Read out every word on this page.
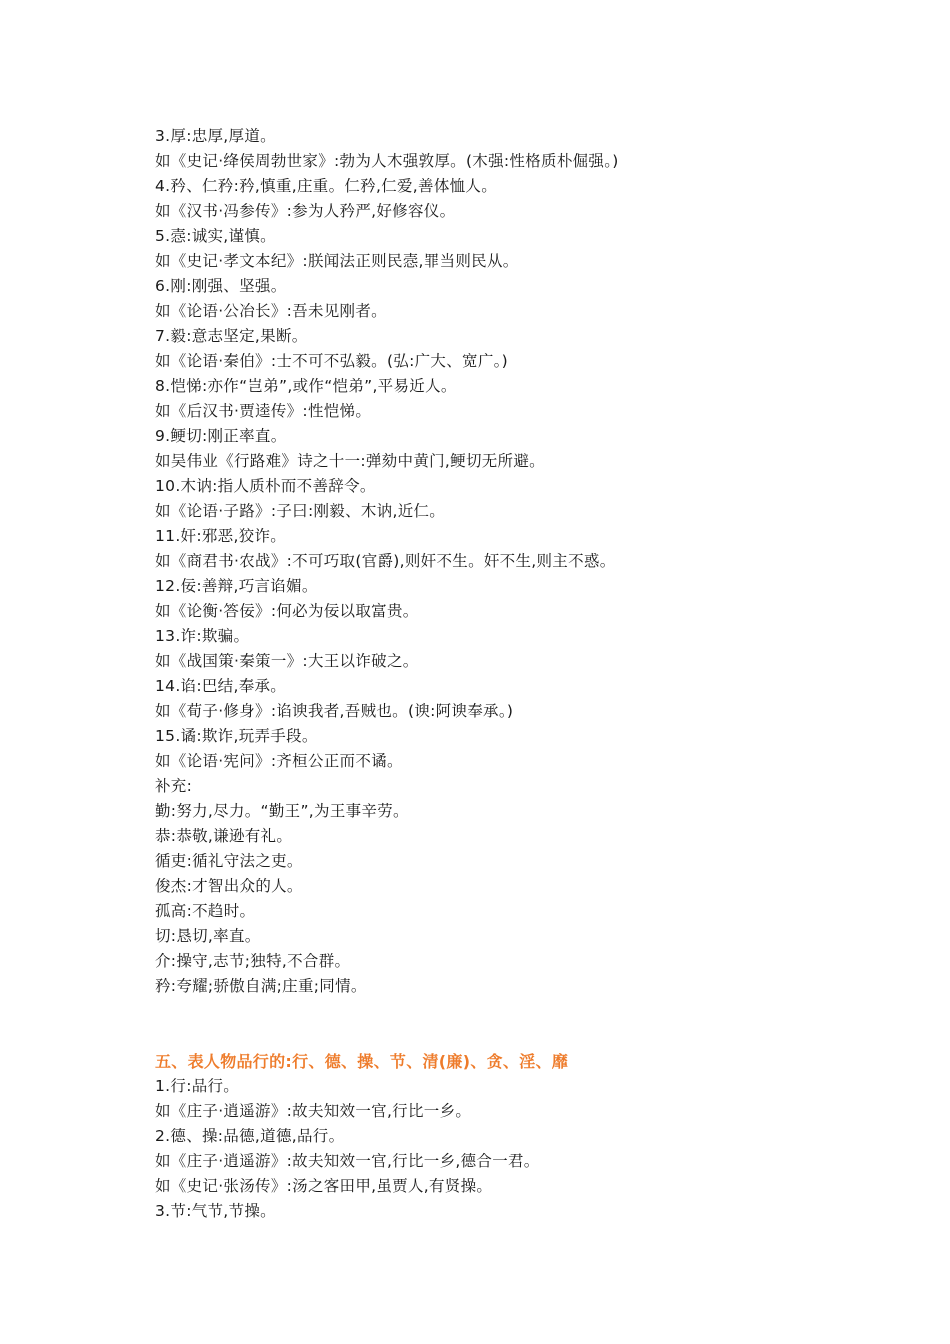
3.厚:忠厚,厚道。
如《史记·绛侯周勃世家》:勃为人木强敦厚。(木强:性格质朴倔强。)
4.矜、仁矜:矜,慎重,庄重。仁矜,仁爱,善体恤人。
如《汉书·冯参传》:参为人矜严,好修容仪。
5.悫:诚实,谨慎。
如《史记·孝文本纪》:朕闻法正则民悫,罪当则民从。
6.刚:刚强、坚强。
如《论语·公冶长》:吾未见刚者。
7.毅:意志坚定,果断。
如《论语·秦伯》:士不可不弘毅。(弘:广大、宽广。)
8.恺悌:亦作“岂弟”,或作“恺弟”,平易近人。
如《后汉书·贾逵传》:性恺悌。
9.鲠切:刚正率直。
如吴伟业《行路难》诗之十一:弹劾中黄门,鲠切无所避。
10.木讷:指人质朴而不善辞令。
如《论语·子路》:子曰:刚毅、木讷,近仁。
11.奸:邪恶,狡诈。
如《商君书·农战》:不可巧取(官爵),则奸不生。奸不生,则主不惑。
12.佞:善辩,巧言谄媚。
如《论衡·答佞》:何必为佞以取富贵。
13.诈:欺骗。
如《战国策·秦策一》:大王以诈破之。
14.谄:巴结,奉承。
如《荀子·修身》:谄谀我者,吾贼也。(谀:阿谀奉承。)
15.谲:欺诈,玩弄手段。
如《论语·宪问》:齐桓公正而不谲。
补充:
勤:努力,尽力。“勤王”,为王事辛劳。
恭:恭敬,谦逊有礼。
循吏:循礼守法之吏。
俊杰:才智出众的人。
孤高:不趋时。
切:恳切,率直。
介:操守,志节;独特,不合群。
矜:夸耀;骄傲自满;庄重;同情。
五、表人物品行的:行、德、操、节、清(廉)、贪、淫、靡
1.行:品行。
如《庄子·逍遥游》:故夫知效一官,行比一乡。
2.德、操:品德,道德,品行。
如《庄子·逍遥游》:故夫知效一官,行比一乡,德合一君。
如《史记·张汤传》:汤之客田甲,虽贾人,有贤操。
3.节:气节,节操。
